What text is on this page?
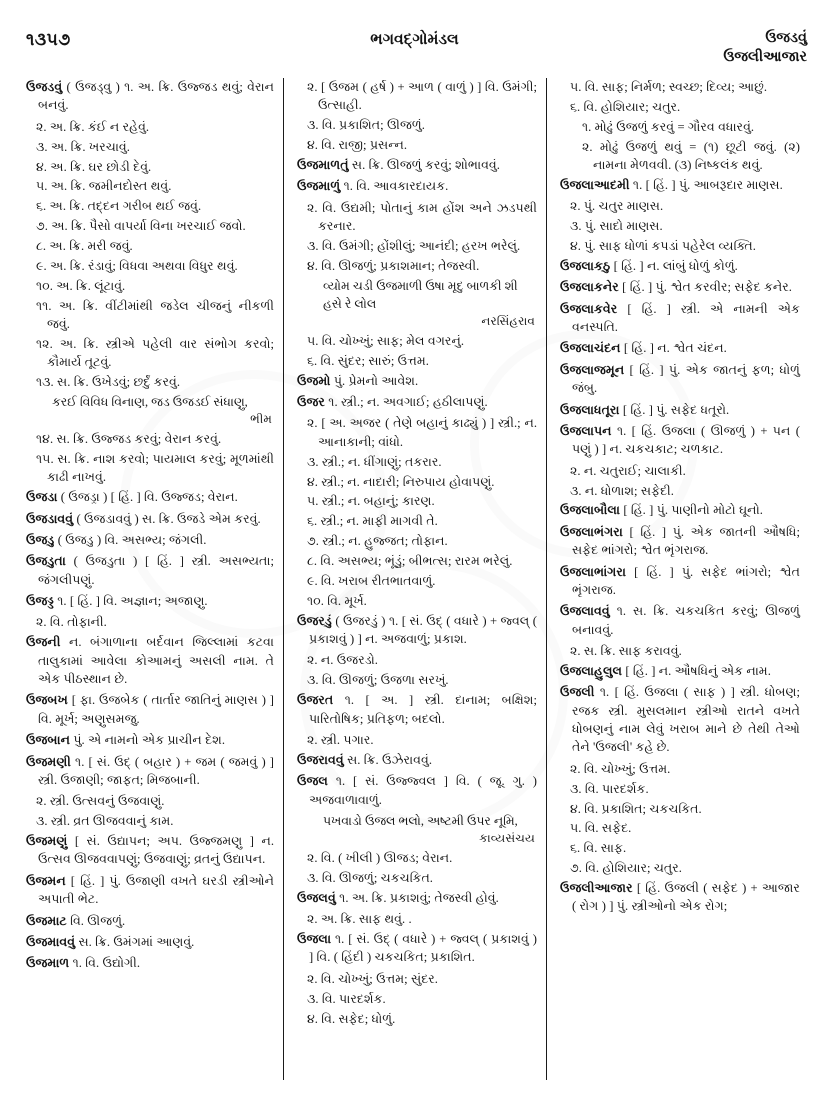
૧૩૫૭	ભગવદ્ગોમંડલ	ઉજડવું
ઉજલીઆજાર
ઉજડવું ( ઉજડ્વુ ) ૧. અ. ક્રિ. ઉજ્જડ થવું; વેરાન બનવું.
૨. અ. ક્રિ. કંઈ ન રહેવું.
૩. અ. ક્રિ. ખરચાવું.
૪. અ. ક્રિ. ઘર છોડી દેવું.
૫. અ. ક્રિ. જમીનદોસ્ત થવું.
૬. અ. ક્રિ. તદ્દન ગરીબ થઈ જવું.
૭. અ. ક્રિ. પૈસો વાપર્યા વિના ખરચાઈ જવો.
૮. અ. ક્રિ. મરી જવું.
૯. અ. ક્રિ. રંડાવું; વિધવા અથવા વિધુર થવું.
૧૦. અ. ક્રિ. લૂંટાવું.
૧૧. અ. ક્રિ. વીંટીમાંથી જડેલ ચીજનું નીકળી જવું.
૧૨. અ. ક્રિ. સ્ત્રીએ પહેલી વાર સંભોગ કરવો; કૌમાર્ય તૂટવું.
૧૩. સ. ક્રિ. ઉખેડવું; છર્દું કરવું.
કરઈ વિવિધ વિનાણ, જડ ઉજડઈ સંધાણુ,
ભીમ
૧૪. સ. ક્રિ. ઉજ્જડ કરવું; વેરાન કરવું.
૧૫. સ. ક્રિ. નાશ કરવો; પાયમાલ કરવું; મૂળમાંથી કાઢી નાખવું.
ઉજડા ( ઉજડ્રા ) [ હિં. ] વિ. ઉજ્જડ; વેરાન.
ઉજડાવવું ( ઉજડાવવું ) સ. ક્રિ. ઉજડે એમ કરવું.
ઉજડુ ( ઉજડુ ) વિ. અસભ્ય; જંગલી.
ઉજડુતા ( ઉજડુતા ) [ હિં. ] સ્ત્રી. અસભ્યતા; જંગલીપણું.
ઉજડ્ડ ૧. [ હિં. ] વિ. અજ્ઞાન; અજાણુ.
૨. વિ. તોફાની.
ઉજની ન. બંગાળાના બર્દવાન જિલ્લામાં કટવા તાલુકામાં આવેલા કોઆમનું અસલી નામ. તે એક પીઠસ્થાન છે.
ઉજબખ [ ફા. ઉજબેક ( તાર્તાર જાતિનું માણસ ) ] વિ. મૂર્ખ; અણુસમજુ.
ઉજબાન પું. એ નામનો એક પ્રાચીન દેશ.
ઉજમણી ૧. [ સં. ઉદ્ ( બહાર ) + જમ ( જમવું ) ] સ્ત્રી. ઉજાણી; જાફત; મિજબાની.
૨. સ્ત્રી. ઉત્સવનું ઉજવાણું.
૩. સ્ત્રી. વ્રત ઊજવવાનું કામ.
ઉજમણું [ સં. ઉદ્યાપન; અપ. ઉજ્જમણુ ] ન. ઉત્સવ ઊજવવાપણું; ઉજવાણું; વ્રતનું ઉદ્યાપન.
ઉજમન [ હિં. ] પું. ઉજાણી વખતે ઘરડી સ્ત્રીઓને અપાતી ભેટ.
ઉજમાટ વિ. ઊજળું.
ઉજમાવવું સ. ક્રિ. ઉમંગમાં આણવું.
ઉજમાળ ૧. વિ. ઉદ્યોગી.
૨. [ ઉજમ ( હર્ષ ) + આળ ( વાળું ) ] વિ. ઉમંગી; ઉત્સાહી.
૩. વિ. પ્રકાશિત; ઊજળું.
૪. વિ. રાજી; પ્રસન્ન.
ઉજમાળતું સ. ક્રિ. ઊજળું કરવું; શોભાવવું.
ઉજમાળું ૧. વિ. આવકારદાયક.
૨. વિ. ઉદ્યમી; પોતાનું કામ હોંશ અને ઝડપથી કરનાર.
૩. વિ. ઉમંગી; હોંશીલું; આનંદી; હરખ ભરેલું.
૪. વિ. ઊજળું; પ્રકાશમાન; તેજસ્વી.
વ્યોમ ચડી ઉજમાળી ઉષા મૃદુ બાળકી શી હસે રે લોલ
નરસિંહરાવ
૫. વિ. ચોખ્ખું; સાફ; મેલ વગરનું.
૬. વિ. સુંદર; સારું; ઉત્તમ.
ઉજમો પું. પ્રેમનો આવેશ.
ઉજર ૧. સ્ત્રી.; ન. અવગાઈ; હઠીલાપણું.
૨. [ અ. અજર ( તેણે બહાનું કાઢ્યું ) ] સ્ત્રી.; ન. આનાકાની; વાંધો.
૩. સ્ત્રી.; ન. ધીંગાણું; તકરાર.
૪. સ્ત્રી.; ન. નાદારી; નિરુપાય હોવાપણું.
૫. સ્ત્રી.; ન. બહાનું; કારણ.
૬. સ્ત્રી.; ન. માફી માગવી તે.
૭. સ્ત્રી.; ન. હુજ્જત; તોફાન.
૮. વિ. અસભ્ય; ભૂંડું; બીભત્સ; રારમ ભરેલું.
૯. વિ. ખરાબ રીતભાતવાળું.
૧૦. વિ. મૂર્ખ.
ઉજરડું ( ઉજરડું ) ૧. [ સં. ઉદ્ ( વધારે ) + જ્વલ્ ( પ્રકાશવું ) ] ન. અજવાળું; પ્રકાશ.
૨. ન. ઉજરડો.
૩. વિ. ઊજળું; ઉજળા સરખું.
ઉજરત ૧. [ અ. ] સ્ત્રી. દાનામ; બક્ષિશ; પારિતોષિક; પ્રતિફળ; બદલો.
૨. સ્ત્રી. પગાર.
ઉજરાવવું સ. ક્રિ. ઉઝેરાવવું.
ઉજલ ૧. [ સં. ઉજ્જ્વલ ] વિ. ( જૂ. ગુ. ) અજવાળાવાળું.
પખવાડો ઉજલ ભલો, અષ્ટમી ઉપર નૂમિ,
કાવ્યસંચય
૨. વિ. ( ખીલી ) ઊજડ; વેરાન.
૩. વિ. ઊજળું; ચકચકિત.
ઉજલવું ૧. અ. ક્રિ. પ્રકાશવું; તેજસ્વી હોવું.
૨. અ. ક્રિ. સાફ થવું. .
ઉજલા ૧. [ સં. ઉદ્ ( વધારે ) + જ્વલ્ ( પ્રકાશવું ) ] વિ. ( હિંદી ) ચકચકિત; પ્રકાશિત.
૨. વિ. ચોખ્ખું; ઉત્તમ; સુંદર.
૩. વિ. પારદર્શક.
૪. વિ. સફેદ; ધોળું.
૫. વિ. સાફ; નિર્મળ; સ્વચ્છ; દિવ્ય; આછું.
૬. વિ. હોશિયાર; ચતુર.
૧. મોઢું ઉજળું કરવું = ગૌરવ વધારવું.
૨. મોઢું ઉજળું થવું = (૧) છૂટી જવું. (૨) નામના મેળવવી. (૩) નિષ્કલંક થવું.
ઉજલાઆદમી ૧. [ હિં. ] પું. આબરૂદાર માણસ.
૨. પું. ચતુર માણસ.
૩. પું. સાદો માણસ.
૪. પું. સાફ ધોળાં કપડાં પહેરેલ વ્યક્તિ.
ઉજલાકઠુ [ હિં. ] ન. લાંબું ધોળું કોળું.
ઉજલાકનેર [ હિં. ] પું. શ્વેત કરવીર; સફેદ કનેર.
ઉજલાકવેર [ હિં. ] સ્ત્રી. એ નામની એક વનસ્પતિ.
ઉજલાચંદન [ હિં. ] ન. શ્વેત ચંદન.
ઉજલાજમૂન [ હિં. ] પું. એક જાતનું ફળ; ધોળું જંબુ.
ઉજલાધતૂરા [ હિં. ] પું. સફેદ ધતૂરો.
ઉજલાપન ૧. [ હિં. ઉજલા ( ઊજળું ) + પન ( પણું ) ] ન. ચકચકાટ; ચળકાટ.
૨. ન. ચતુરાઈ; ચાલાકી.
૩. ન. ધોળાશ; સફેદી.
ઉજલાબૌલા [ હિં. ] પું. પાણીનો મોટો ઘૂનો.
ઉજલાભંગરા [ હિં. ] પું. એક જાતની ઔષધિ; સફેદ ભાંગરો; શ્વેત ભૃંગરાજ.
ઉજલાભાંગરા [ હિં. ] પું. સફેદ ભાંગરો; શ્વેત ભૃંગરાજ.
ઉજલાવવું ૧. સ. ક્રિ. ચકચકિત કરવું; ઊજળું બનાવવું.
૨. સ. ક્રિ. સાફ કરાવવું.
ઉજલાહુલુલ [ હિં. ] ન. ઔષધિનું એક નામ.
ઉજલી ૧. [ હિં. ઉજલા ( સાફ ) ] સ્ત્રી. ધોબણ; રજક સ્ત્રી. મુસલમાન સ્ત્રીઓ રાતને વખતે ધોબણનું નામ લેવું ખરાબ માને છે તેથી તેઓ તેને 'ઉજલી' કહે છે.
૨. વિ. ચોખ્ખું; ઉત્તમ.
૩. વિ. પારદર્શક.
૪. વિ. પ્રકાશિત; ચકચકિત.
૫. વિ. સફેદ.
૬. વિ. સાફ.
૭. વિ. હોશિયાર; ચતુર.
ઉજલીઆજાર [ હિં. ઉજલી ( સફેદ ) + આજાર ( રોગ ) ] પું. સ્ત્રીઓનો એક રોગ;
